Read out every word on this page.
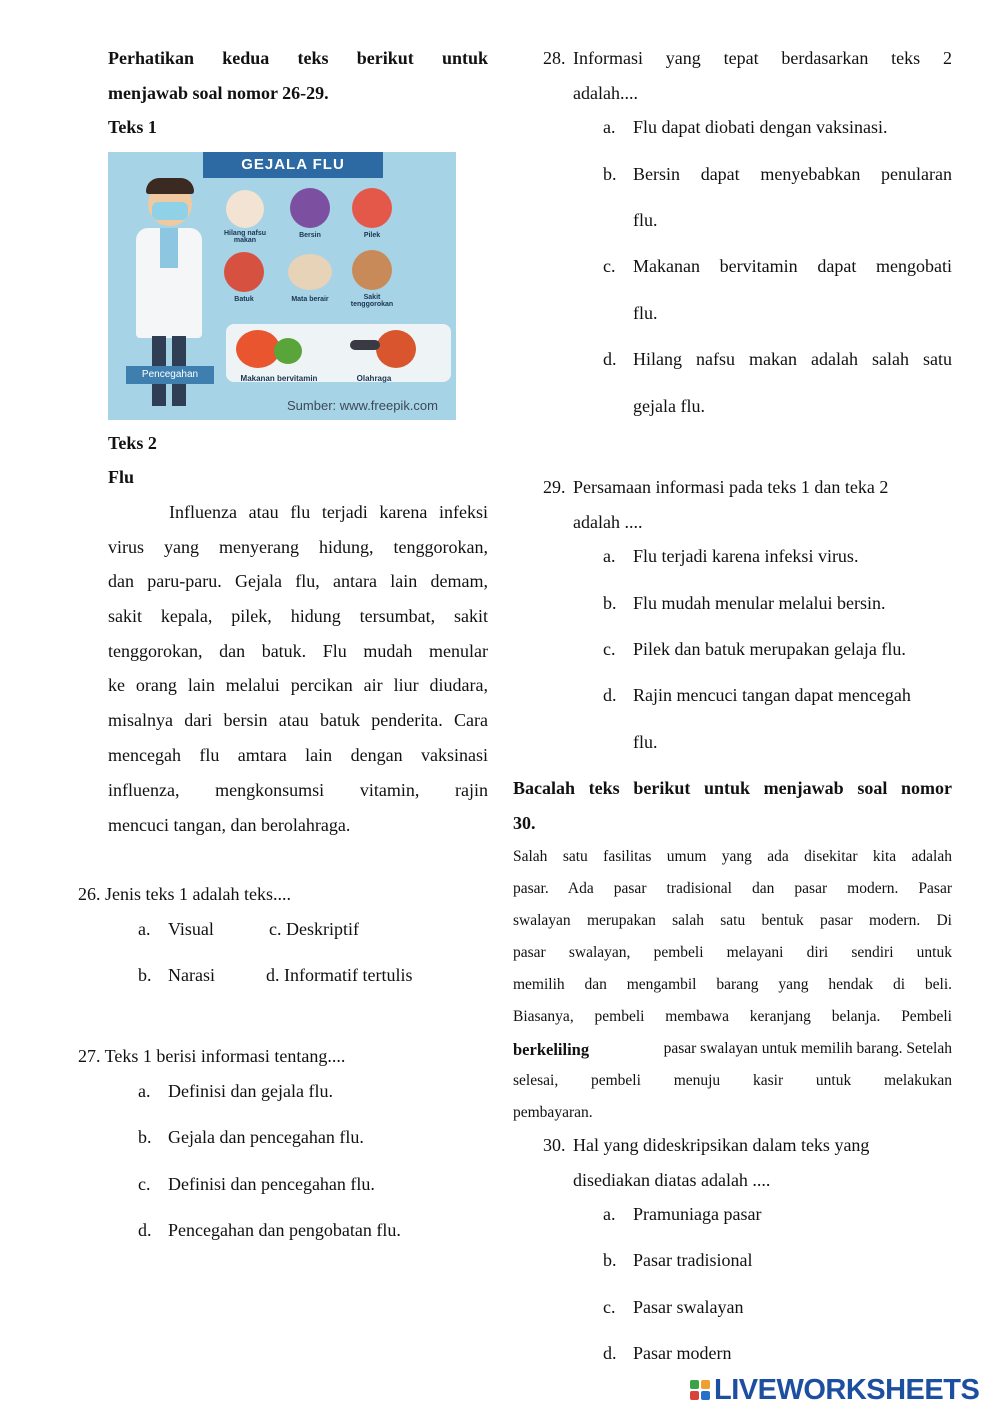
Perhatikan kedua teks berikut untuk
menjawab soal nomor 26-29.
Teks 1
GEJALA FLU
Hilang nafsu makan
Bersin	Pilek
Batuk	Mata berair	Sakit tenggorokan
Pencegahan	Makanan bervitamin	Olahraga
Sumber: www.freepik.com
Teks 2
Flu
Influenza atau flu terjadi karena infeksi
virus yang menyerang hidung, tenggorokan,
dan paru-paru. Gejala flu, antara lain demam,
sakit kepala, pilek, hidung tersumbat, sakit
tenggorokan, dan batuk. Flu mudah menular
ke orang lain melalui percikan air liur diudara,
misalnya dari bersin atau batuk penderita. Cara
mencegah flu amtara lain dengan vaksinasi
influenza, mengkonsumsi vitamin, rajin
mencuci tangan, dan berolahraga.
26. Jenis teks 1 adalah teks....
a. Visual	c. Deskriptif
b. Narasi	d. Informatif tertulis
27. Teks 1 berisi informasi tentang....
a. Definisi dan gejala flu.
b. Gejala dan pencegahan flu.
c. Definisi dan pencegahan flu.
d. Pencegahan dan pengobatan flu.
28. Informasi yang tepat berdasarkan teks 2
adalah....
a. Flu dapat diobati dengan vaksinasi.
b. Bersin dapat menyebabkan penularan
flu.
c. Makanan bervitamin dapat mengobati
flu.
d. Hilang nafsu makan adalah salah satu
gejala flu.
29. Persamaan informasi pada teks 1 dan teka 2
adalah ....
a. Flu terjadi karena infeksi virus.
b. Flu mudah menular melalui bersin.
c. Pilek dan batuk merupakan gelaja flu.
d. Rajin mencuci tangan dapat mencegah
flu.
Bacalah teks berikut untuk menjawab soal nomor
30.
Salah satu fasilitas umum yang ada disekitar kita adalah
pasar. Ada pasar tradisional dan pasar modern. Pasar
swalayan merupakan salah satu bentuk pasar modern. Di
pasar swalayan, pembeli melayani diri sendiri untuk
memilih dan mengambil barang yang hendak di beli.
Biasanya, pembeli membawa keranjang belanja. Pembeli
berkeliling	pasar swalayan untuk memilih barang. Setelah
selesai, pembeli menuju kasir untuk melakukan
pembayaran.
30. Hal yang dideskripsikan dalam teks yang
disediakan diatas adalah ....
a. Pramuniaga pasar
b. Pasar tradisional
c. Pasar swalayan
d. Pasar modern
LIVEWORKSHEETS
